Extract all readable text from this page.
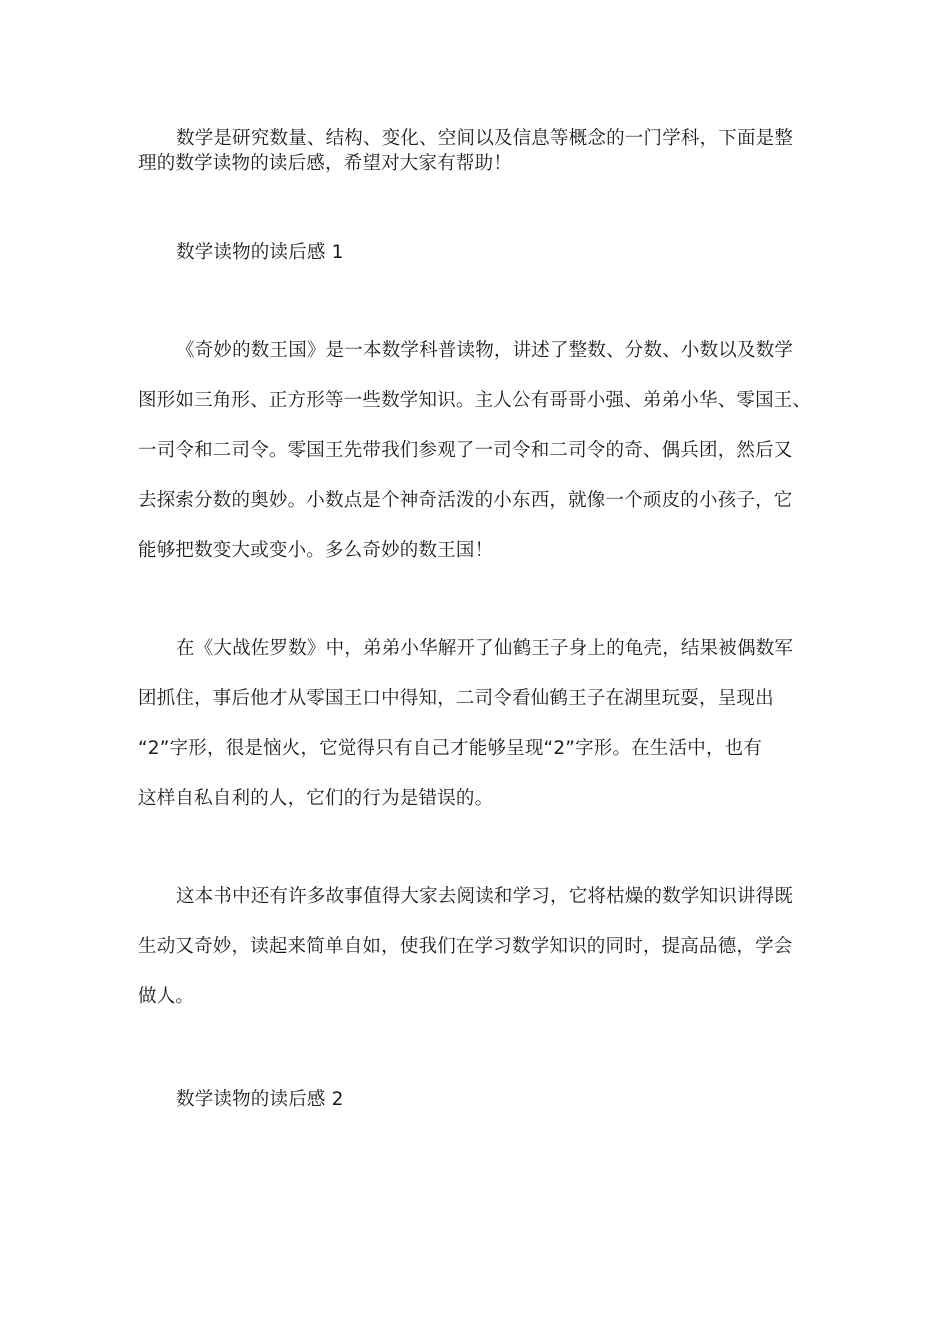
数学是研究数量、结构、变化、空间以及信息等概念的一门学科，下面是整
理的数学读物的读后感，希望对大家有帮助！
数学读物的读后感 1
《奇妙的数王国》是一本数学科普读物，讲述了整数、分数、小数以及数学
图形如三角形、正方形等一些数学知识。主人公有哥哥小强、弟弟小华、零国王、
一司令和二司令。零国王先带我们参观了一司令和二司令的奇、偶兵团，然后又
去探索分数的奥妙。小数点是个神奇活泼的小东西，就像一个顽皮的小孩子，它
能够把数变大或变小。多么奇妙的数王国！
在《大战佐罗数》中，弟弟小华解开了仙鹤王子身上的龟壳，结果被偶数军
团抓住，事后他才从零国王口中得知，二司令看仙鹤王子在湖里玩耍，呈现出
“2”字形，很是恼火，它觉得只有自己才能够呈现“2”字形。在生活中，也有
这样自私自利的人，它们的行为是错误的。
这本书中还有许多故事值得大家去阅读和学习，它将枯燥的数学知识讲得既
生动又奇妙，读起来简单自如，使我们在学习数学知识的同时，提高品德，学会
做人。
数学读物的读后感 2
